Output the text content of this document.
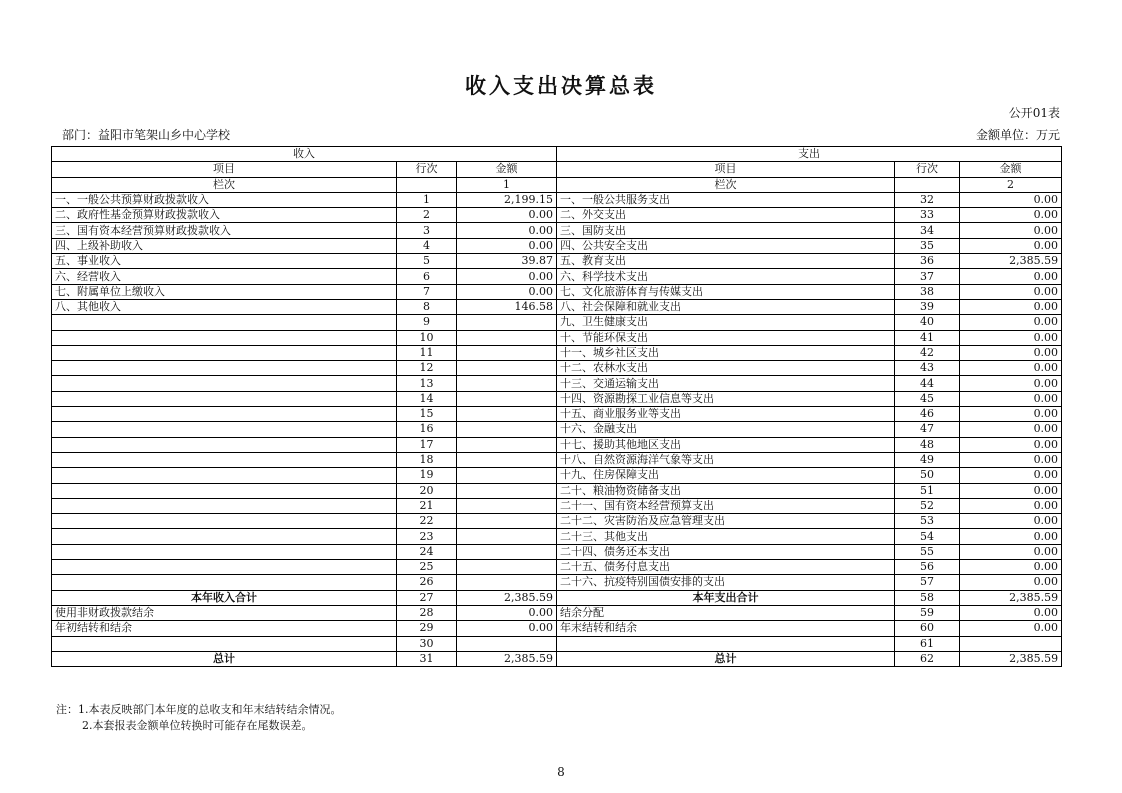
收入支出决算总表
公开01表
部门：益阳市笔架山乡中心学校	金额单位：万元
收入			支出		
项目	行次	金额	项目	行次	金额
栏次		1	栏次		2
一、一般公共预算财政拨款收入	1	2,199.15	一、一般公共服务支出	32	0.00
二、政府性基金预算财政拨款收入	2	0.00	二、外交支出	33	0.00
三、国有资本经营预算财政拨款收入	3	0.00	三、国防支出	34	0.00
四、上级补助收入	4	0.00	四、公共安全支出	35	0.00
五、事业收入	5	39.87	五、教育支出	36	2,385.59
六、经营收入	6	0.00	六、科学技术支出	37	0.00
七、附属单位上缴收入	7	0.00	七、文化旅游体育与传媒支出	38	0.00
八、其他收入	8	146.58	八、社会保障和就业支出	39	0.00
	9		九、卫生健康支出	40	0.00
	10		十、节能环保支出	41	0.00
	11		十一、城乡社区支出	42	0.00
	12		十二、农林水支出	43	0.00
	13		十三、交通运输支出	44	0.00
	14		十四、资源勘探工业信息等支出	45	0.00
	15		十五、商业服务业等支出	46	0.00
	16		十六、金融支出	47	0.00
	17		十七、援助其他地区支出	48	0.00
	18		十八、自然资源海洋气象等支出	49	0.00
	19		十九、住房保障支出	50	0.00
	20		二十、粮油物资储备支出	51	0.00
	21		二十一、国有资本经营预算支出	52	0.00
	22		二十二、灾害防治及应急管理支出	53	0.00
	23		二十三、其他支出	54	0.00
	24		二十四、债务还本支出	55	0.00
	25		二十五、债务付息支出	56	0.00
	26		二十六、抗疫特别国债安排的支出	57	0.00
本年收入合计	27	2,385.59	本年支出合计	58	2,385.59
使用非财政拨款结余	28	0.00	结余分配	59	0.00
年初结转和结余	29	0.00	年末结转和结余	60	0.00
	30			61	
总计	31	2,385.59	总计	62	2,385.59
注：1.本表反映部门本年度的总收支和年末结转结余情况。
2.本套报表金额单位转换时可能存在尾数误差。
8
